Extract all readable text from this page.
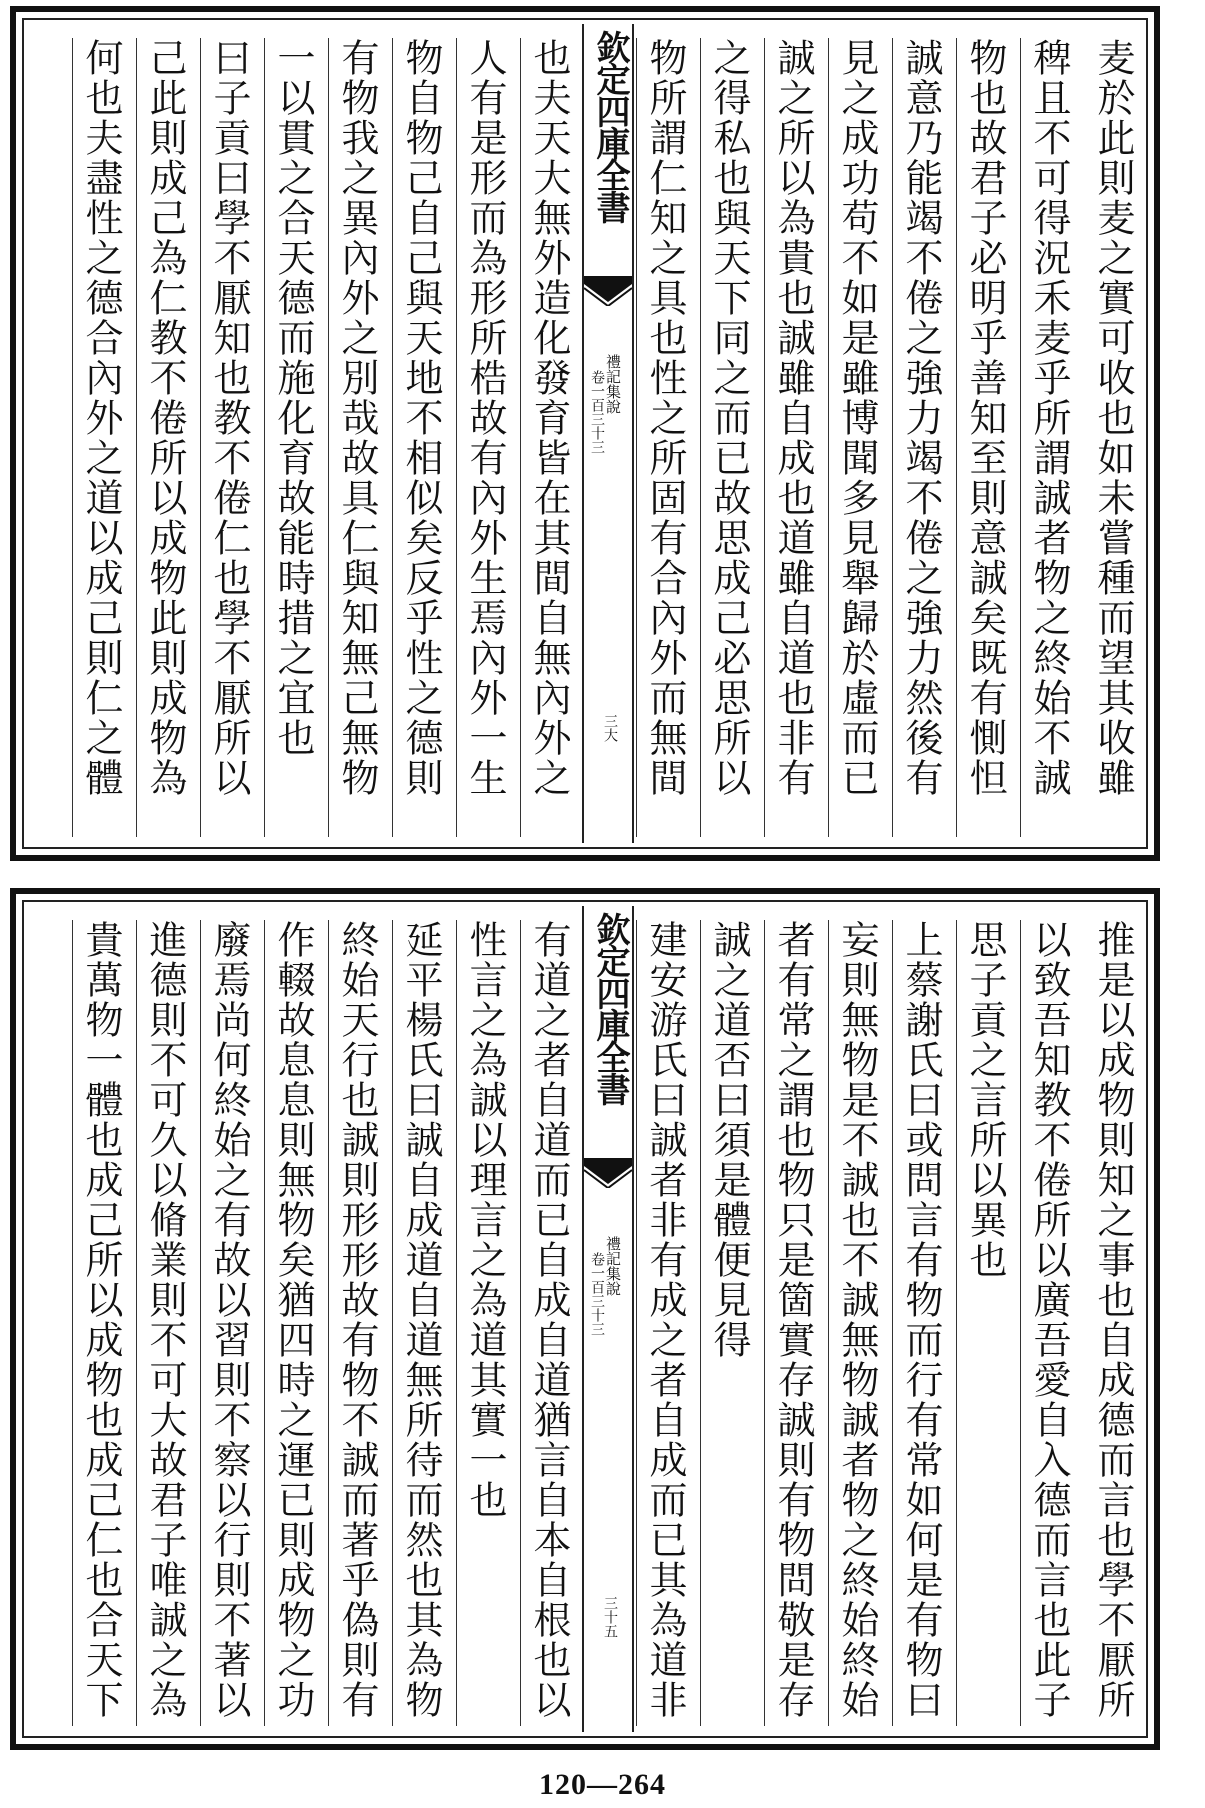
麦於此則麦之實可收也如未嘗種而望其收雖
稗且不可得況禾麦乎所謂誠者物之終始不誠
物也故君子必明乎善知至則意誠矣既有惻怛
誠意乃能竭不倦之強力竭不倦之強力然後有
見之成功苟不如是雖博聞多見舉歸於虛而已
誠之所以為貴也誠雖自成也道雖自道也非有
之得私也與天下同之而已故思成己必思所以
物所謂仁知之具也性之所固有合內外而無間
欽定四庫全書
禮記集說
卷一百三十三
三大
也夫天大無外造化發育皆在其間自無內外之
人有是形而為形所梏故有內外生焉內外一生
物自物己自己與天地不相似矣反乎性之德則
有物我之異內外之別哉故具仁與知無己無物
一以貫之合天德而施化育故能時措之宜也　
曰子貢曰學不厭知也教不倦仁也學不厭所以
己此則成己為仁教不倦所以成物此則成物為
何也夫盡性之德合內外之道以成己則仁之體
推是以成物則知之事也自成德而言也學不厭所
以致吾知教不倦所以廣吾愛自入德而言也此子
思子貢之言所以異也
上蔡謝氏曰或問言有物而行有常如何是有物曰
妄則無物是不誠也不誠無物誠者物之終始終始
者有常之謂也物只是箇實存誠則有物問敬是存
誠之道否曰須是體便見得
建安游氏曰誠者非有成之者自成而已其為道非
欽定四庫全書
禮記集說
卷一百三十三
三十五
有道之者自道而已自成自道猶言自本自根也以
性言之為誠以理言之為道其實一也
延平楊氏曰誠自成道自道無所待而然也其為物
終始天行也誠則形形故有物不誠而著乎偽則有
作輟故息息則無物矣猶四時之運已則成物之功
廢焉尚何終始之有故以習則不察以行則不著以
進德則不可久以脩業則不可大故君子唯誠之為
貴萬物一體也成己所以成物也成己仁也合天下
120—264
